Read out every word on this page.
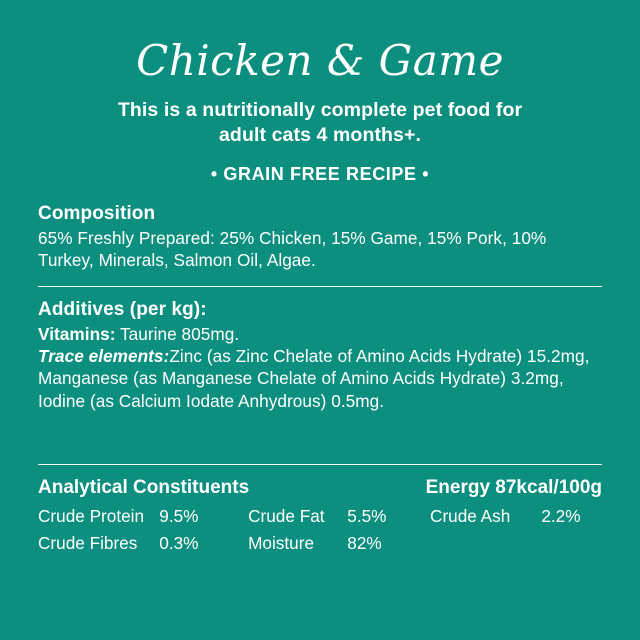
Chicken & Game
This is a nutritionally complete pet food for adult cats 4 months+.
• GRAIN FREE RECIPE •
Composition
65% Freshly Prepared: 25% Chicken, 15% Game, 15% Pork, 10% Turkey, Minerals, Salmon Oil, Algae.
Additives (per kg):
Vitamins: Taurine 805mg.
Trace elements:Zinc (as Zinc Chelate of Amino Acids Hydrate) 15.2mg, Manganese (as Manganese Chelate of Amino Acids Hydrate) 3.2mg, Iodine (as Calcium Iodate Anhydrous) 0.5mg.
Analytical Constituents	Energy 87kcal/100g
Crude Protein	9.5%	Crude Fat	5.5%	Crude Ash	2.2%
Crude Fibres	0.3%	Moisture	82%		
